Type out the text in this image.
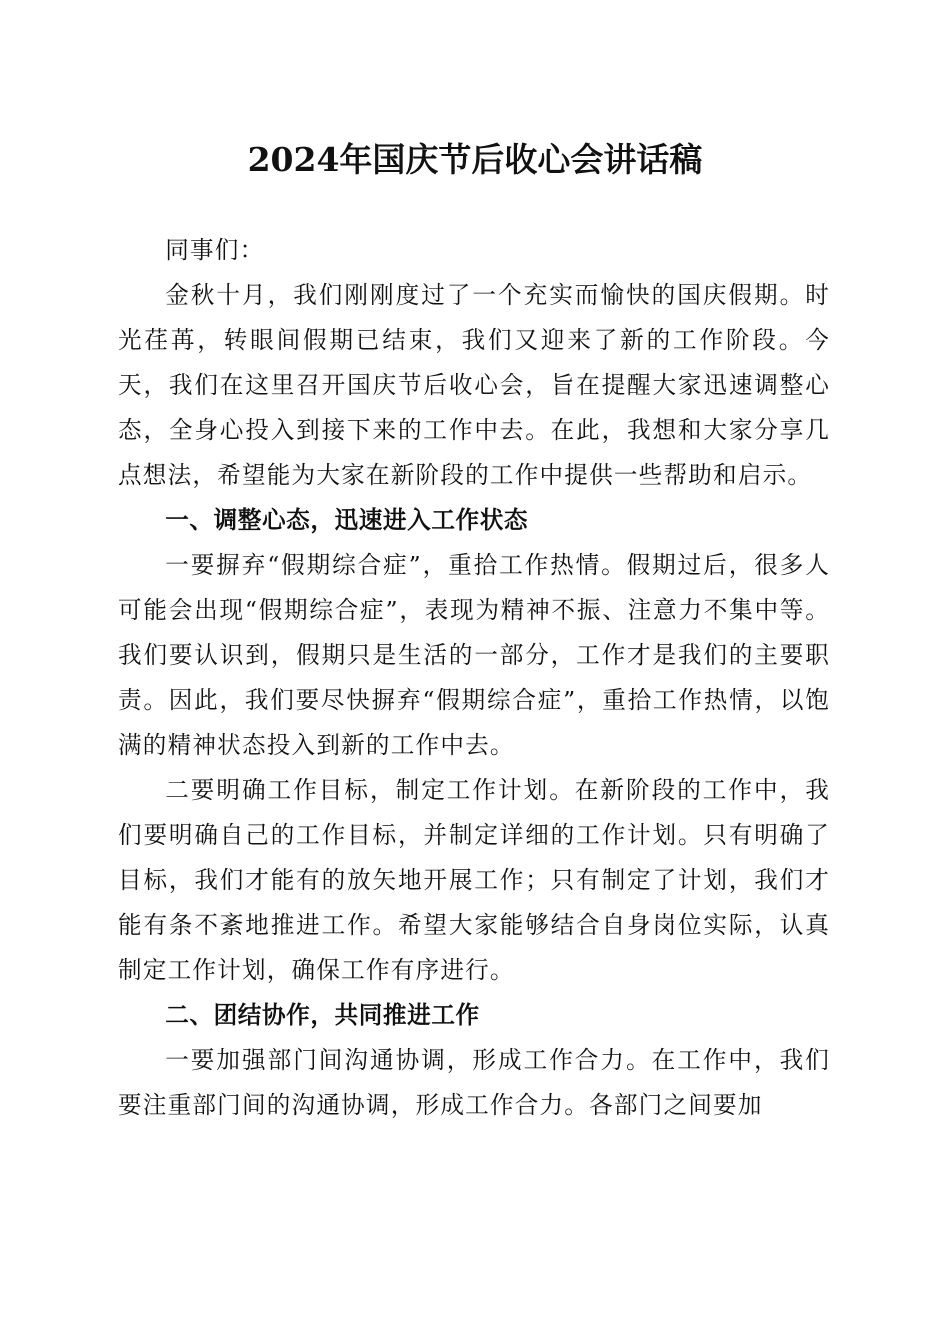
2024年国庆节后收心会讲话稿

同事们：

金秋十月，我们刚刚度过了一个充实而愉快的国庆假期。时光荏苒，转眼间假期已结束，我们又迎来了新的工作阶段。今天，我们在这里召开国庆节后收心会，旨在提醒大家迅速调整心态，全身心投入到接下来的工作中去。在此，我想和大家分享几点想法，希望能为大家在新阶段的工作中提供一些帮助和启示。

一、调整心态，迅速进入工作状态

一要摒弃“假期综合症”，重拾工作热情。假期过后，很多人可能会出现“假期综合症”，表现为精神不振、注意力不集中等。我们要认识到，假期只是生活的一部分，工作才是我们的主要职责。因此，我们要尽快摒弃“假期综合症”，重拾工作热情，以饱满的精神状态投入到新的工作中去。

二要明确工作目标，制定工作计划。在新阶段的工作中，我们要明确自己的工作目标，并制定详细的工作计划。只有明确了目标，我们才能有的放矢地开展工作；只有制定了计划，我们才能有条不紊地推进工作。希望大家能够结合自身岗位实际，认真制定工作计划，确保工作有序进行。

二、团结协作，共同推进工作

一要加强部门间沟通协调，形成工作合力。在工作中，我们要注重部门间的沟通协调，形成工作合力。各部门之间要加
